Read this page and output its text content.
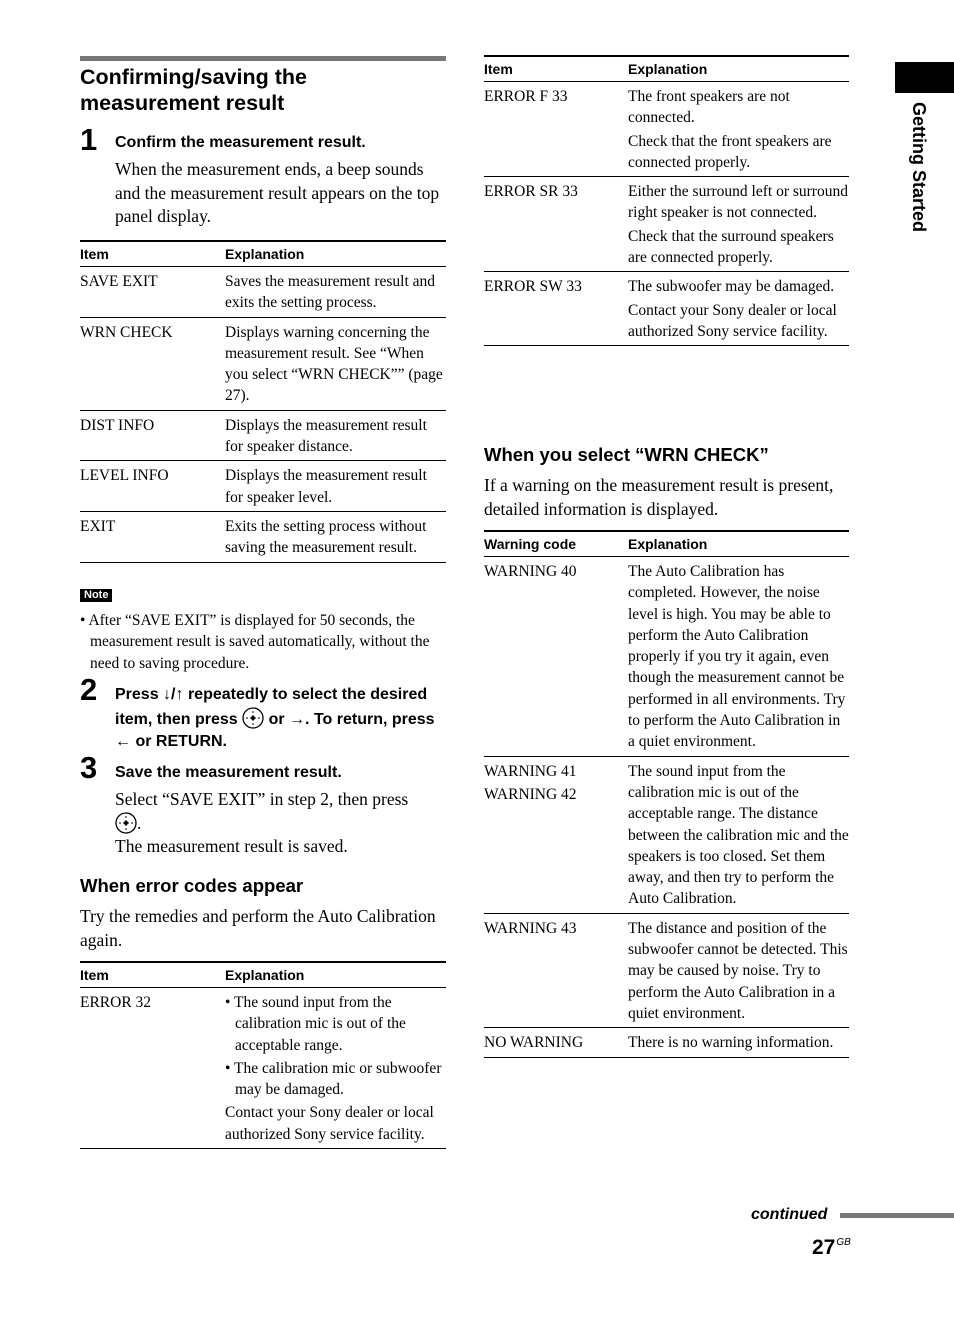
Confirming/saving the measurement result
1 Confirm the measurement result.
When the measurement ends, a beep sounds and the measurement result appears on the top panel display.
Item	Explanation
SAVE EXIT	Saves the measurement result and exits the setting process.
WRN CHECK	Displays warning concerning the measurement result. See “When you select “WRN CHECK”” (page 27).
DIST INFO	Displays the measurement result for speaker distance.
LEVEL INFO	Displays the measurement result for speaker level.
EXIT	Exits the setting process without saving the measurement result.
Note
• After “SAVE EXIT” is displayed for 50 seconds, the measurement result is saved automatically, without the need to saving procedure.
2 Press ↓/↑ repeatedly to select the desired item, then press  or →. To return, press ← or RETURN.
3 Save the measurement result.
Select “SAVE EXIT” in step 2, then press
.
The measurement result is saved.
When error codes appear
Try the remedies and perform the Auto Calibration again.
Item	Explanation
ERROR 32	• The sound input from the calibration mic is out of the acceptable range.

• The calibration mic or subwoofer may be damaged.

Contact your Sony dealer or local authorized Sony service facility.

Item	Explanation
ERROR F 33	The front speakers are not connected.

Check that the front speakers are connected properly.

ERROR SR 33	Either the surround left or surround right speaker is not connected.

Check that the surround speakers are connected properly.

ERROR SW 33	The subwoofer may be damaged.

Contact your Sony dealer or local authorized Sony service facility.

When you select “WRN CHECK”
If a warning on the measurement result is present, detailed information is displayed.
Warning code	Explanation
WARNING 40	The Auto Calibration has completed. However, the noise level is high. You may be able to perform the Auto Calibration properly if you try it again, even though the measurement cannot be performed in all environments. Try to perform the Auto Calibration in a quiet environment.

WARNING 41

WARNING 42	The sound input from the calibration mic is out of the acceptable range. The distance between the calibration mic and the speakers is too closed. Set them away, and then try to perform the Auto Calibration.
WARNING 43	The distance and position of the subwoofer cannot be detected. This may be caused by noise. Try to perform the Auto Calibration in a quiet environment.
NO WARNING	There is no warning information.
Getting Started
continued
$27^{GB}$
